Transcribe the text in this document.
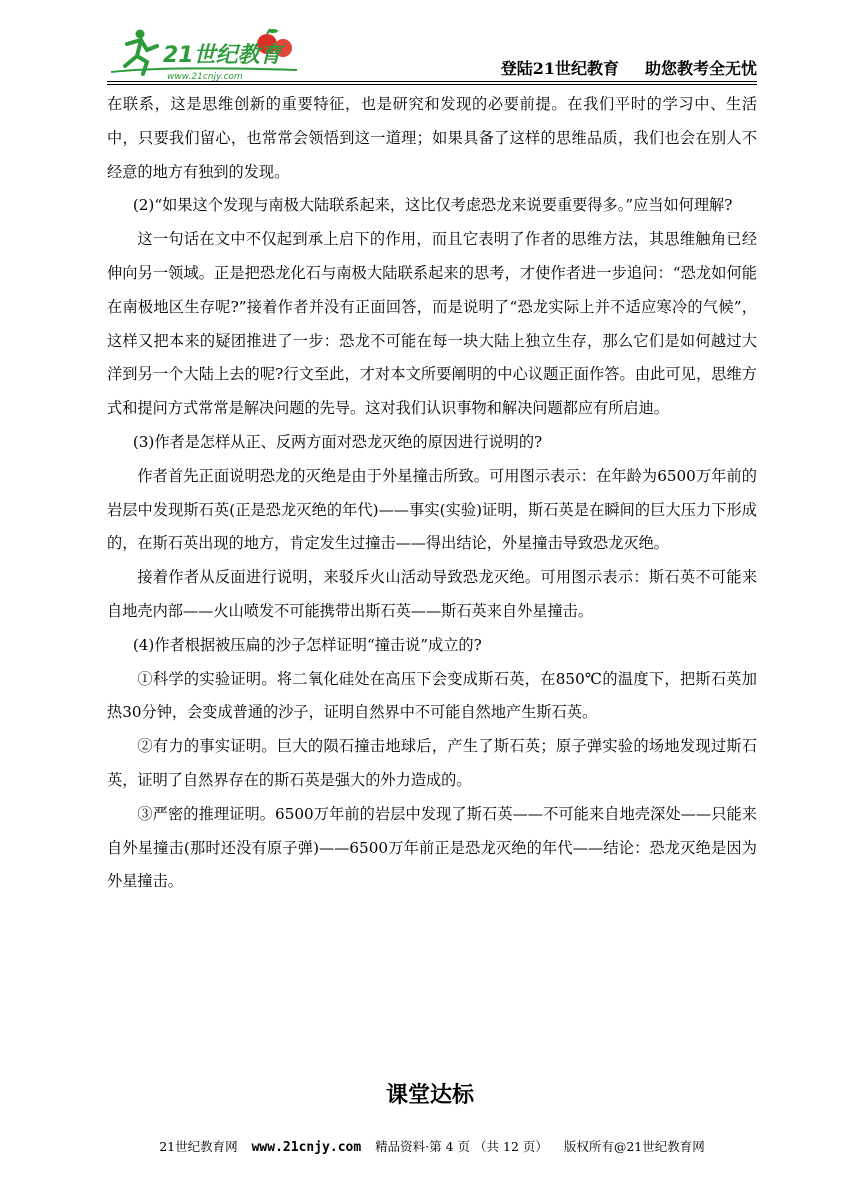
21世纪教育
www.21cnjy.com	登陆21世纪教育 助您教考全无忧

在联系，这是思维创新的重要特征，也是研究和发现的必要前提。在我们平时的学习中、生活中，只要我们留心，也常常会领悟到这一道理；如果具备了这样的思维品质，我们也会在别人不经意的地方有独到的发现。

(2)“如果这个发现与南极大陆联系起来，这比仅考虑恐龙来说要重要得多。”应当如何理解?

这一句话在文中不仅起到承上启下的作用，而且它表明了作者的思维方法，其思维触角已经伸向另一领域。正是把恐龙化石与南极大陆联系起来的思考，才使作者进一步追问：“恐龙如何能在南极地区生存呢?”接着作者并没有正面回答，而是说明了“恐龙实际上并不适应寒冷的气候”，这样又把本来的疑团推进了一步：恐龙不可能在每一块大陆上独立生存，那么它们是如何越过大洋到另一个大陆上去的呢?行文至此，才对本文所要阐明的中心议题正面作答。由此可见，思维方式和提问方式常常是解决问题的先导。这对我们认识事物和解决问题都应有所启迪。

(3)作者是怎样从正、反两方面对恐龙灭绝的原因进行说明的?

作者首先正面说明恐龙的灭绝是由于外星撞击所致。可用图示表示：在年龄为6500万年前的岩层中发现斯石英(正是恐龙灭绝的年代)——事实(实验)证明，斯石英是在瞬间的巨大压力下形成的，在斯石英出现的地方，肯定发生过撞击——得出结论，外星撞击导致恐龙灭绝。

接着作者从反面进行说明，来驳斥火山活动导致恐龙灭绝。可用图示表示：斯石英不可能来自地壳内部——火山喷发不可能携带出斯石英——斯石英来自外星撞击。

(4)作者根据被压扁的沙子怎样证明“撞击说”成立的?

①科学的实验证明。将二氧化硅处在高压下会变成斯石英，在850℃的温度下，把斯石英加热30分钟，会变成普通的沙子，证明自然界中不可能自然地产生斯石英。

②有力的事实证明。巨大的陨石撞击地球后，产生了斯石英；原子弹实验的场地发现过斯石英，证明了自然界存在的斯石英是强大的外力造成的。

③严密的推理证明。6500万年前的岩层中发现了斯石英——不可能来自地壳深处——只能来自外星撞击(那时还没有原子弹)——6500万年前正是恐龙灭绝的年代——结论：恐龙灭绝是因为外星撞击。

课堂达标
21世纪教育网 www.21cnjy.com 精品资料·第 4 页 （共 12 页） 版权所有@21世纪教育网
